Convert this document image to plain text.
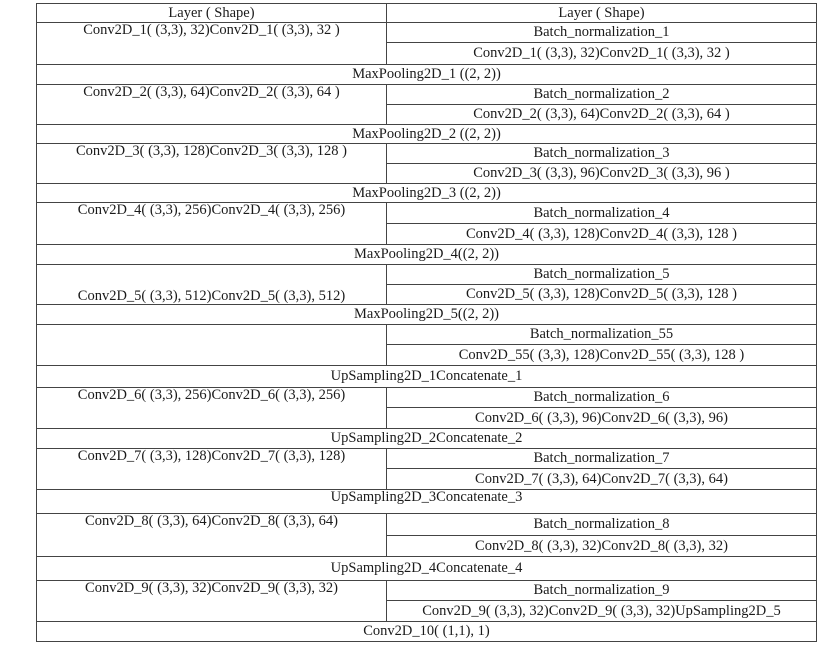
Layer ( Shape)	Layer ( Shape)
Conv2D_1( (3,3), 32)Conv2D_1( (3,3), 32 )	Batch_normalization_1
	Conv2D_1( (3,3), 32)Conv2D_1( (3,3), 32 )
MaxPooling2D_1 ((2, 2))	
Conv2D_2( (3,3), 64)Conv2D_2( (3,3), 64 )	Batch_normalization_2
	Conv2D_2( (3,3), 64)Conv2D_2( (3,3), 64 )
MaxPooling2D_2 ((2, 2))	
Conv2D_3( (3,3), 128)Conv2D_3( (3,3), 128 )	Batch_normalization_3
	Conv2D_3( (3,3), 96)Conv2D_3( (3,3), 96 )
MaxPooling2D_3 ((2, 2))	
Conv2D_4( (3,3), 256)Conv2D_4( (3,3), 256)	Batch_normalization_4
	Conv2D_4( (3,3), 128)Conv2D_4( (3,3), 128 )
MaxPooling2D_4((2, 2))	
Conv2D_5( (3,3), 512)Conv2D_5( (3,3), 512)	Batch_normalization_5
	Conv2D_5( (3,3), 128)Conv2D_5( (3,3), 128 )
MaxPooling2D_5((2, 2))	
	Batch_normalization_55
	Conv2D_55( (3,3), 128)Conv2D_55( (3,3), 128 )
UpSampling2D_1Concatenate_1	
Conv2D_6( (3,3), 256)Conv2D_6( (3,3), 256)	Batch_normalization_6
	Conv2D_6( (3,3), 96)Conv2D_6( (3,3), 96)
UpSampling2D_2Concatenate_2	
Conv2D_7( (3,3), 128)Conv2D_7( (3,3), 128)	Batch_normalization_7
	Conv2D_7( (3,3), 64)Conv2D_7( (3,3), 64)
UpSampling2D_3Concatenate_3	
Conv2D_8( (3,3), 64)Conv2D_8( (3,3), 64)	Batch_normalization_8
	Conv2D_8( (3,3), 32)Conv2D_8( (3,3), 32)
UpSampling2D_4Concatenate_4	
Conv2D_9( (3,3), 32)Conv2D_9( (3,3), 32)	Batch_normalization_9
	Conv2D_9( (3,3), 32)Conv2D_9( (3,3), 32)UpSampling2D_5
Conv2D_10( (1,1), 1)	
